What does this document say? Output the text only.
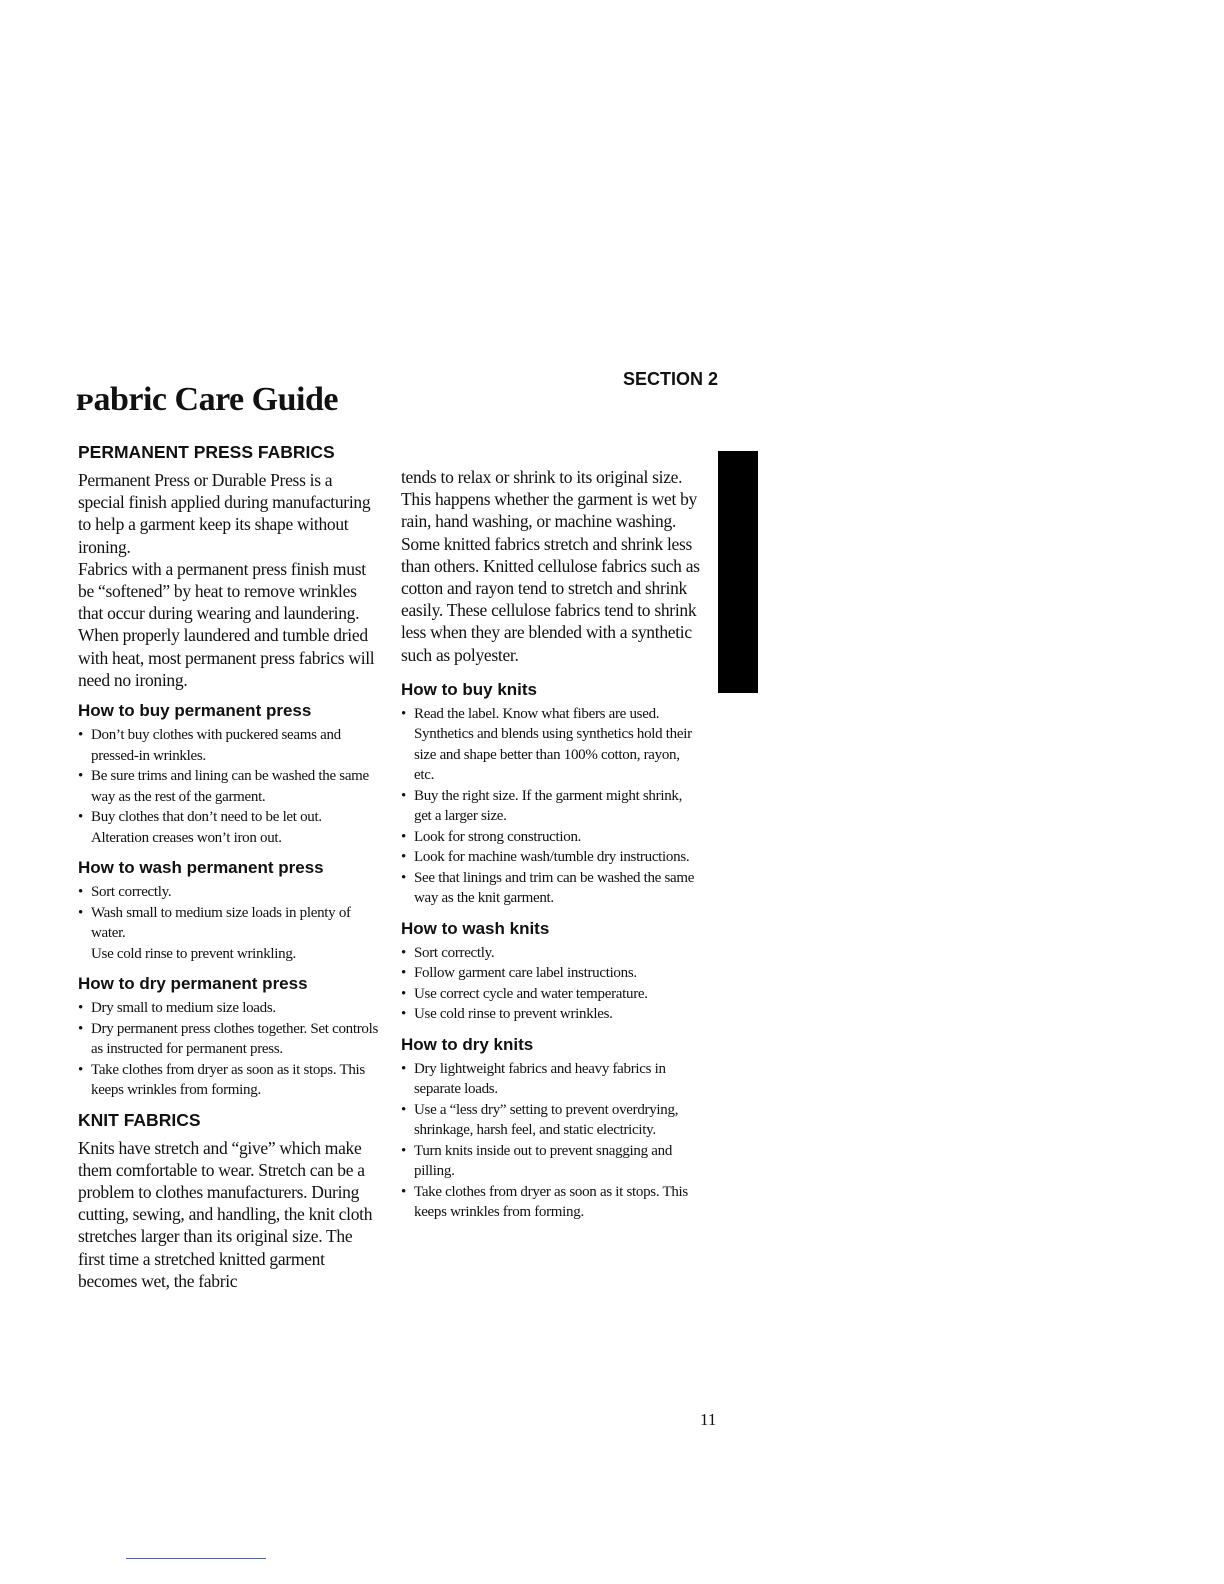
ᴘabric Care Guide
SECTION 2
PERMANENT PRESS FABRICS

Permanent Press or Durable Press is a special finish applied during manufacturing to help a garment keep its shape without ironing.

Fabrics with a permanent press finish must be “softened” by heat to remove wrinkles that occur during wearing and laundering. When properly laundered and tumble dried with heat, most permanent press fabrics will need no ironing.

How to buy permanent press
• Don’t buy clothes with puckered seams and pressed-in wrinkles.
• Be sure trims and lining can be washed the same way as the rest of the garment.
• Buy clothes that don’t need to be let out. Alteration creases won’t iron out.
How to wash permanent press
• Sort correctly.
• Wash small to medium size loads in plenty of water.
Use cold rinse to prevent wrinkling.
How to dry permanent press
• Dry small to medium size loads.
• Dry permanent press clothes together. Set controls as instructed for permanent press.
• Take clothes from dryer as soon as it stops. This keeps wrinkles from forming.
KNIT FABRICS

Knits have stretch and “give” which make them comfortable to wear. Stretch can be a problem to clothes manufacturers. During cutting, sewing, and handling, the knit cloth stretches larger than its original size. The first time a stretched knitted garment becomes wet, the fabric

tends to relax or shrink to its original size. This happens whether the garment is wet by rain, hand washing, or machine washing. Some knitted fabrics stretch and shrink less than others. Knitted cellulose fabrics such as cotton and rayon tend to stretch and shrink easily. These cellulose fabrics tend to shrink less when they are blended with a synthetic such as polyester.

How to buy knits
• Read the label. Know what fibers are used. Synthetics and blends using synthetics hold their size and shape better than 100% cotton, rayon, etc.
• Buy the right size. If the garment might shrink, get a larger size.
• Look for strong construction.
• Look for machine wash/tumble dry instructions.
• See that linings and trim can be washed the same way as the knit garment.
How to wash knits
• Sort correctly.
• Follow garment care label instructions.
• Use correct cycle and water temperature.
• Use cold rinse to prevent wrinkles.
How to dry knits
• Dry lightweight fabrics and heavy fabrics in separate loads.
• Use a “less dry” setting to prevent overdrying, shrinkage, harsh feel, and static electricity.
• Turn knits inside out to prevent snagging and pilling.
• Take clothes from dryer as soon as it stops. This keeps wrinkles from forming.
11
